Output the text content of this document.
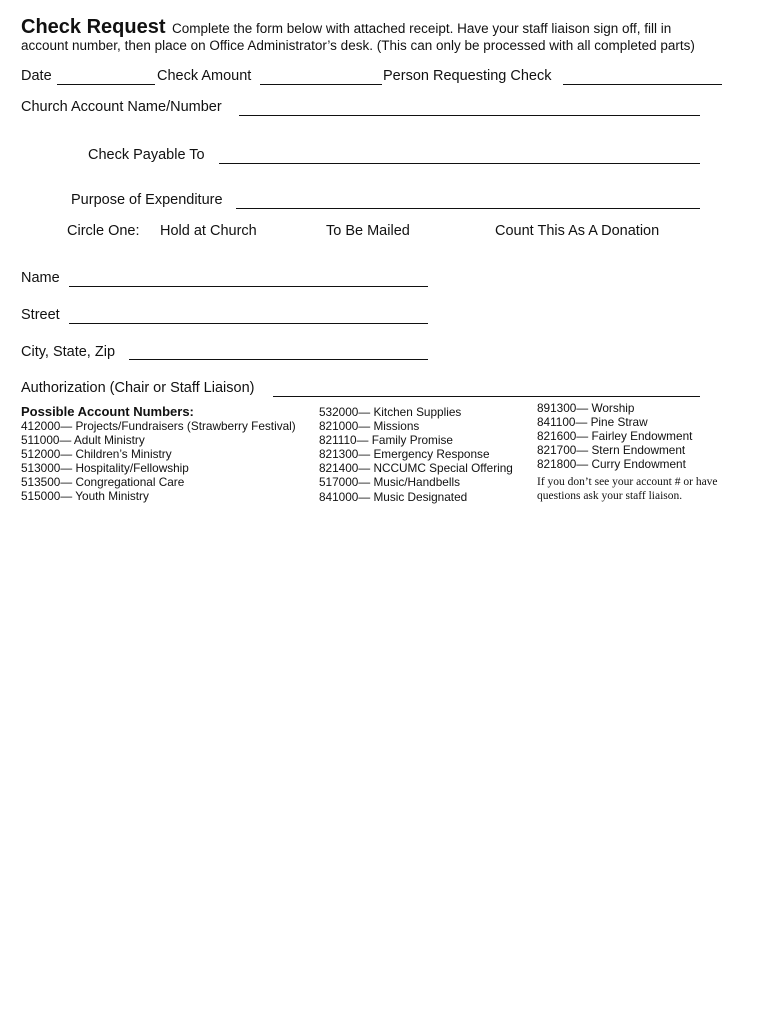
Check Request Complete the form below with attached receipt. Have your staff liaison sign off, fill in
account number, then place on Office Administrator’s desk. (This can only be processed with all completed parts)
Date	Check Amount	Person Requesting Check
Church Account Name/Number
Check Payable To
Purpose of Expenditure
Circle One: Hold at Church	To Be Mailed	Count This As A Donation
Name
Street
City, State, Zip
Authorization (Chair or Staff Liaison)
Possible Account Numbers:
412000— Projects/Fundraisers (Strawberry Festival)
511000— Adult Ministry
512000— Children’s Ministry
513000— Hospitality/Fellowship
513500— Congregational Care
515000— Youth Ministry
532000— Kitchen Supplies
821000— Missions
821110— Family Promise
821300— Emergency Response
821400— NCCUMC Special Offering
517000— Music/Handbells
841000— Music Designated
891300— Worship
841100— Pine Straw
821600— Fairley Endowment
821700— Stern Endowment
821800— Curry Endowment
If you don’t see your account # or have questions ask your staff liaison.
